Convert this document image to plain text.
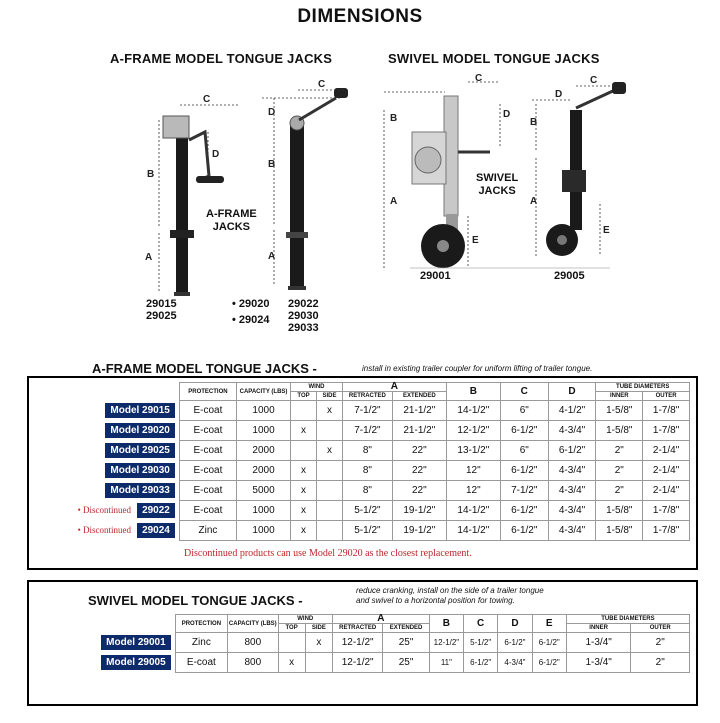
DIMENSIONS
A-FRAME MODEL TONGUE JACKS	SWIVEL MODEL TONGUE JACKS
B
A
C
D
D
B
A
C
B
A
C
D
E
B
A
C
D
E
A-FRAME
JACKS
SWIVEL
JACKS
29015
29025
• 29020
• 29024
29022
29030
29033
29001	29005
A-FRAME MODEL TONGUE JACKS -	install in existing trailer coupler for uniform lifting of trailer tongue.
	PROTECTION	CAPACITY (LBS)	WIND		A		B	C	D	TUBE DIAMETERS	
			TOP	SIDE	RETRACTED	EXTENDED				INNER	OUTER
Model 29015	E-coat	1000		x	7-1/2"	21-1/2"	14-1/2"	6"	4-1/2"	1-5/8"	1-7/8"
Model 29020	E-coat	1000	x		7-1/2"	21-1/2"	12-1/2"	6-1/2"	4-3/4"	1-5/8"	1-7/8"
Model 29025	E-coat	2000		x	8"	22"	13-1/2"	6"	6-1/2"	2"	2-1/4"
Model 29030	E-coat	2000	x		8"	22"	12"	6-1/2"	4-3/4"	2"	2-1/4"
Model 29033	E-coat	5000	x		8"	22"	12"	7-1/2"	4-3/4"	2"	2-1/4"
• Discontinued 29022	E-coat	1000	x		5-1/2"	19-1/2"	14-1/2"	6-1/2"	4-3/4"	1-5/8"	1-7/8"
• Discontinued 29024	Zinc	1000	x		5-1/2"	19-1/2"	14-1/2"	6-1/2"	4-3/4"	1-5/8"	1-7/8"
Discontinued products can use Model 29020 as the closest replacement.
SWIVEL MODEL TONGUE JACKS -
reduce cranking, install on the side of a trailer tongue
and swivel to a horizontal position for towing.
	PROTECTION	CAPACITY (LBS)	WIND		A		B	C	D	E	TUBE DIAMETERS	
			TOP	SIDE	RETRACTED	EXTENDED					INNER	OUTER
Model 29001	Zinc	800		x	12-1/2"	25"	12-1/2"	5-1/2"	6-1/2"	6-1/2"	1-3/4"	2"
Model 29005	E-coat	800	x		12-1/2"	25"	11"	6-1/2"	4-3/4"	6-1/2"	1-3/4"	2"
